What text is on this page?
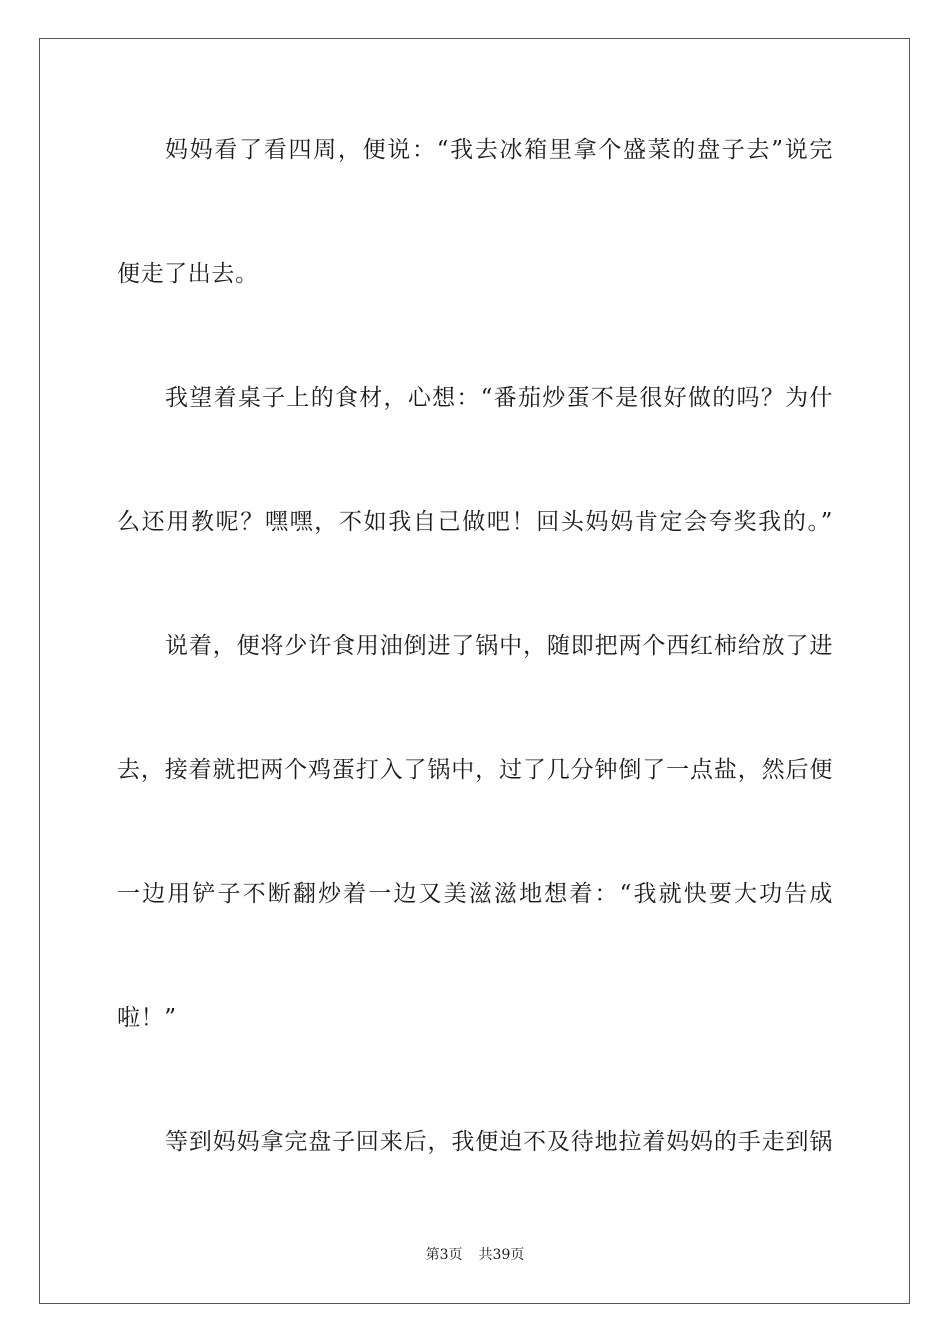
妈妈看了看四周，便说：“我去冰箱里拿个盛菜的盘子去”说完
便走了出去。
我望着桌子上的食材，心想：“番茄炒蛋不是很好做的吗？为什
么还用教呢？嘿嘿，不如我自己做吧！回头妈妈肯定会夸奖我的。”
说着，便将少许食用油倒进了锅中，随即把两个西红柿给放了进
去，接着就把两个鸡蛋打入了锅中，过了几分钟倒了一点盐，然后便
一边用铲子不断翻炒着一边又美滋滋地想着：“我就快要大功告成
啦！”
等到妈妈拿完盘子回来后，我便迫不及待地拉着妈妈的手走到锅
第3页 共39页
